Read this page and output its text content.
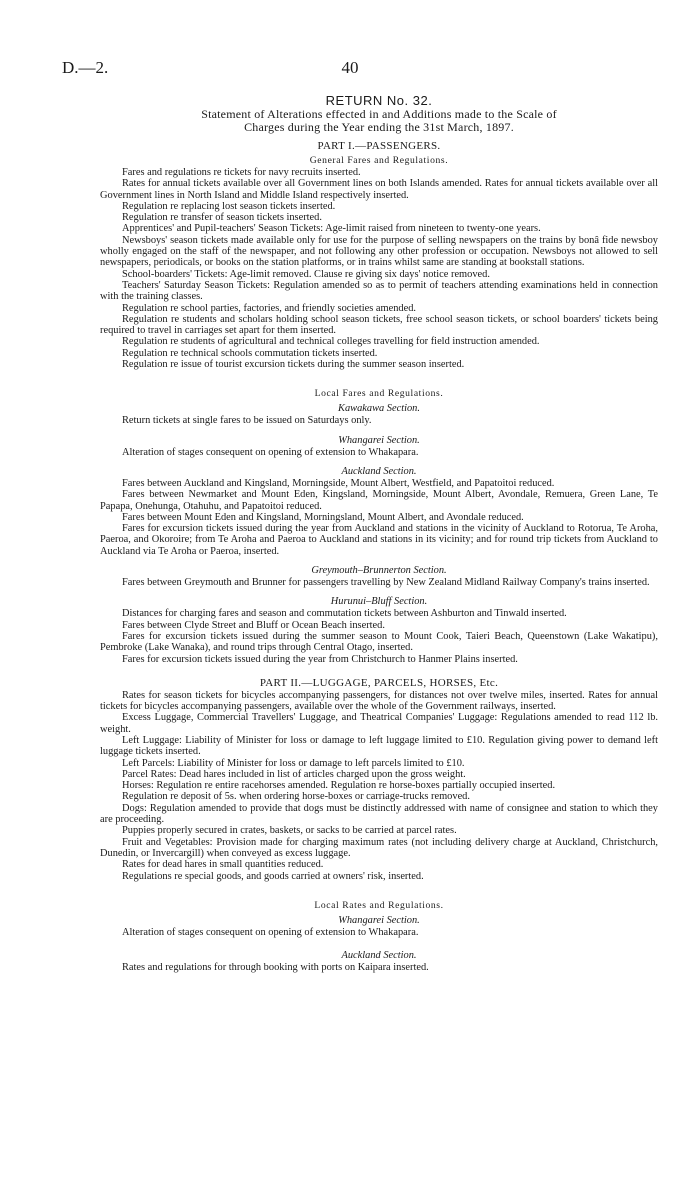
D.—2.	40
RETURN No. 32.
Statement of Alterations effected in and Additions made to the Scale of
Charges during the Year ending the 31st March, 1897.
PART I.—PASSENGERS.
General Fares and Regulations.
Fares and regulations re tickets for navy recruits inserted.
Rates for annual tickets available over all Government lines on both Islands amended. Rates for annual tickets available over all Government lines in North Island and Middle Island respectively inserted.
Regulation re replacing lost season tickets inserted.
Regulation re transfer of season tickets inserted.
Apprentices' and Pupil-teachers' Season Tickets: Age-limit raised from nineteen to twenty-one years.
Newsboys' season tickets made available only for use for the purpose of selling newspapers on the trains by bonâ fide newsboy wholly engaged on the staff of the newspaper, and not following any other profession or occupation. Newsboys not allowed to sell newspapers, periodicals, or books on the station platforms, or in trains whilst same are standing at bookstall stations.
School-boarders' Tickets: Age-limit removed. Clause re giving six days' notice removed.
Teachers' Saturday Season Tickets: Regulation amended so as to permit of teachers attending examinations held in connection with the training classes.
Regulation re school parties, factories, and friendly societies amended.
Regulation re students and scholars holding school season tickets, free school season tickets, or school boarders' tickets being required to travel in carriages set apart for them inserted.
Regulation re students of agricultural and technical colleges travelling for field instruction amended.
Regulation re technical schools commutation tickets inserted.
Regulation re issue of tourist excursion tickets during the summer season inserted.
Local Fares and Regulations.
Kawakawa Section.
Return tickets at single fares to be issued on Saturdays only.
Whangarei Section.
Alteration of stages consequent on opening of extension to Whakapara.
Auckland Section.
Fares between Auckland and Kingsland, Morningside, Mount Albert, Westfield, and Papatoitoi reduced.
Fares between Newmarket and Mount Eden, Kingsland, Morningside, Mount Albert, Avondale, Remuera, Green Lane, Te Papapa, Onehunga, Otahuhu, and Papatoitoi reduced.
Fares between Mount Eden and Kingsland, Morningsland, Mount Albert, and Avondale reduced.
Fares for excursion tickets issued during the year from Auckland and stations in the vicinity of Auckland to Rotorua, Te Aroha, Paeroa, and Okoroire; from Te Aroha and Paeroa to Auckland and stations in its vicinity; and for round trip tickets from Auckland to Auckland via Te Aroha or Paeroa, inserted.
Greymouth–Brunnerton Section.
Fares between Greymouth and Brunner for passengers travelling by New Zealand Midland Railway Company's trains inserted.
Hurunui–Bluff Section.
Distances for charging fares and season and commutation tickets between Ashburton and Tinwald inserted.
Fares between Clyde Street and Bluff or Ocean Beach inserted.
Fares for excursion tickets issued during the summer season to Mount Cook, Taieri Beach, Queenstown (Lake Wakatipu), Pembroke (Lake Wanaka), and round trips through Central Otago, inserted.
Fares for excursion tickets issued during the year from Christchurch to Hanmer Plains inserted.
PART II.—LUGGAGE, PARCELS, HORSES, Etc.
Rates for season tickets for bicycles accompanying passengers, for distances not over twelve miles, inserted. Rates for annual tickets for bicycles accompanying passengers, available over the whole of the Government railways, inserted.
Excess Luggage, Commercial Travellers' Luggage, and Theatrical Companies' Luggage: Regulations amended to read 112 lb. weight.
Left Luggage: Liability of Minister for loss or damage to left luggage limited to £10. Regulation giving power to demand left luggage tickets inserted.
Left Parcels: Liability of Minister for loss or damage to left parcels limited to £10.
Parcel Rates: Dead hares included in list of articles charged upon the gross weight.
Horses: Regulation re entire racehorses amended. Regulation re horse-boxes partially occupied inserted.
Regulation re deposit of 5s. when ordering horse-boxes or carriage-trucks removed.
Dogs: Regulation amended to provide that dogs must be distinctly addressed with name of consignee and station to which they are proceeding.
Puppies properly secured in crates, baskets, or sacks to be carried at parcel rates.
Fruit and Vegetables: Provision made for charging maximum rates (not including delivery charge at Auckland, Christchurch, Dunedin, or Invercargill) when conveyed as excess luggage.
Rates for dead hares in small quantities reduced.
Regulations re special goods, and goods carried at owners' risk, inserted.
Local Rates and Regulations.
Whangarei Section.
Alteration of stages consequent on opening of extension to Whakapara.
Auckland Section.
Rates and regulations for through booking with ports on Kaipara inserted.
